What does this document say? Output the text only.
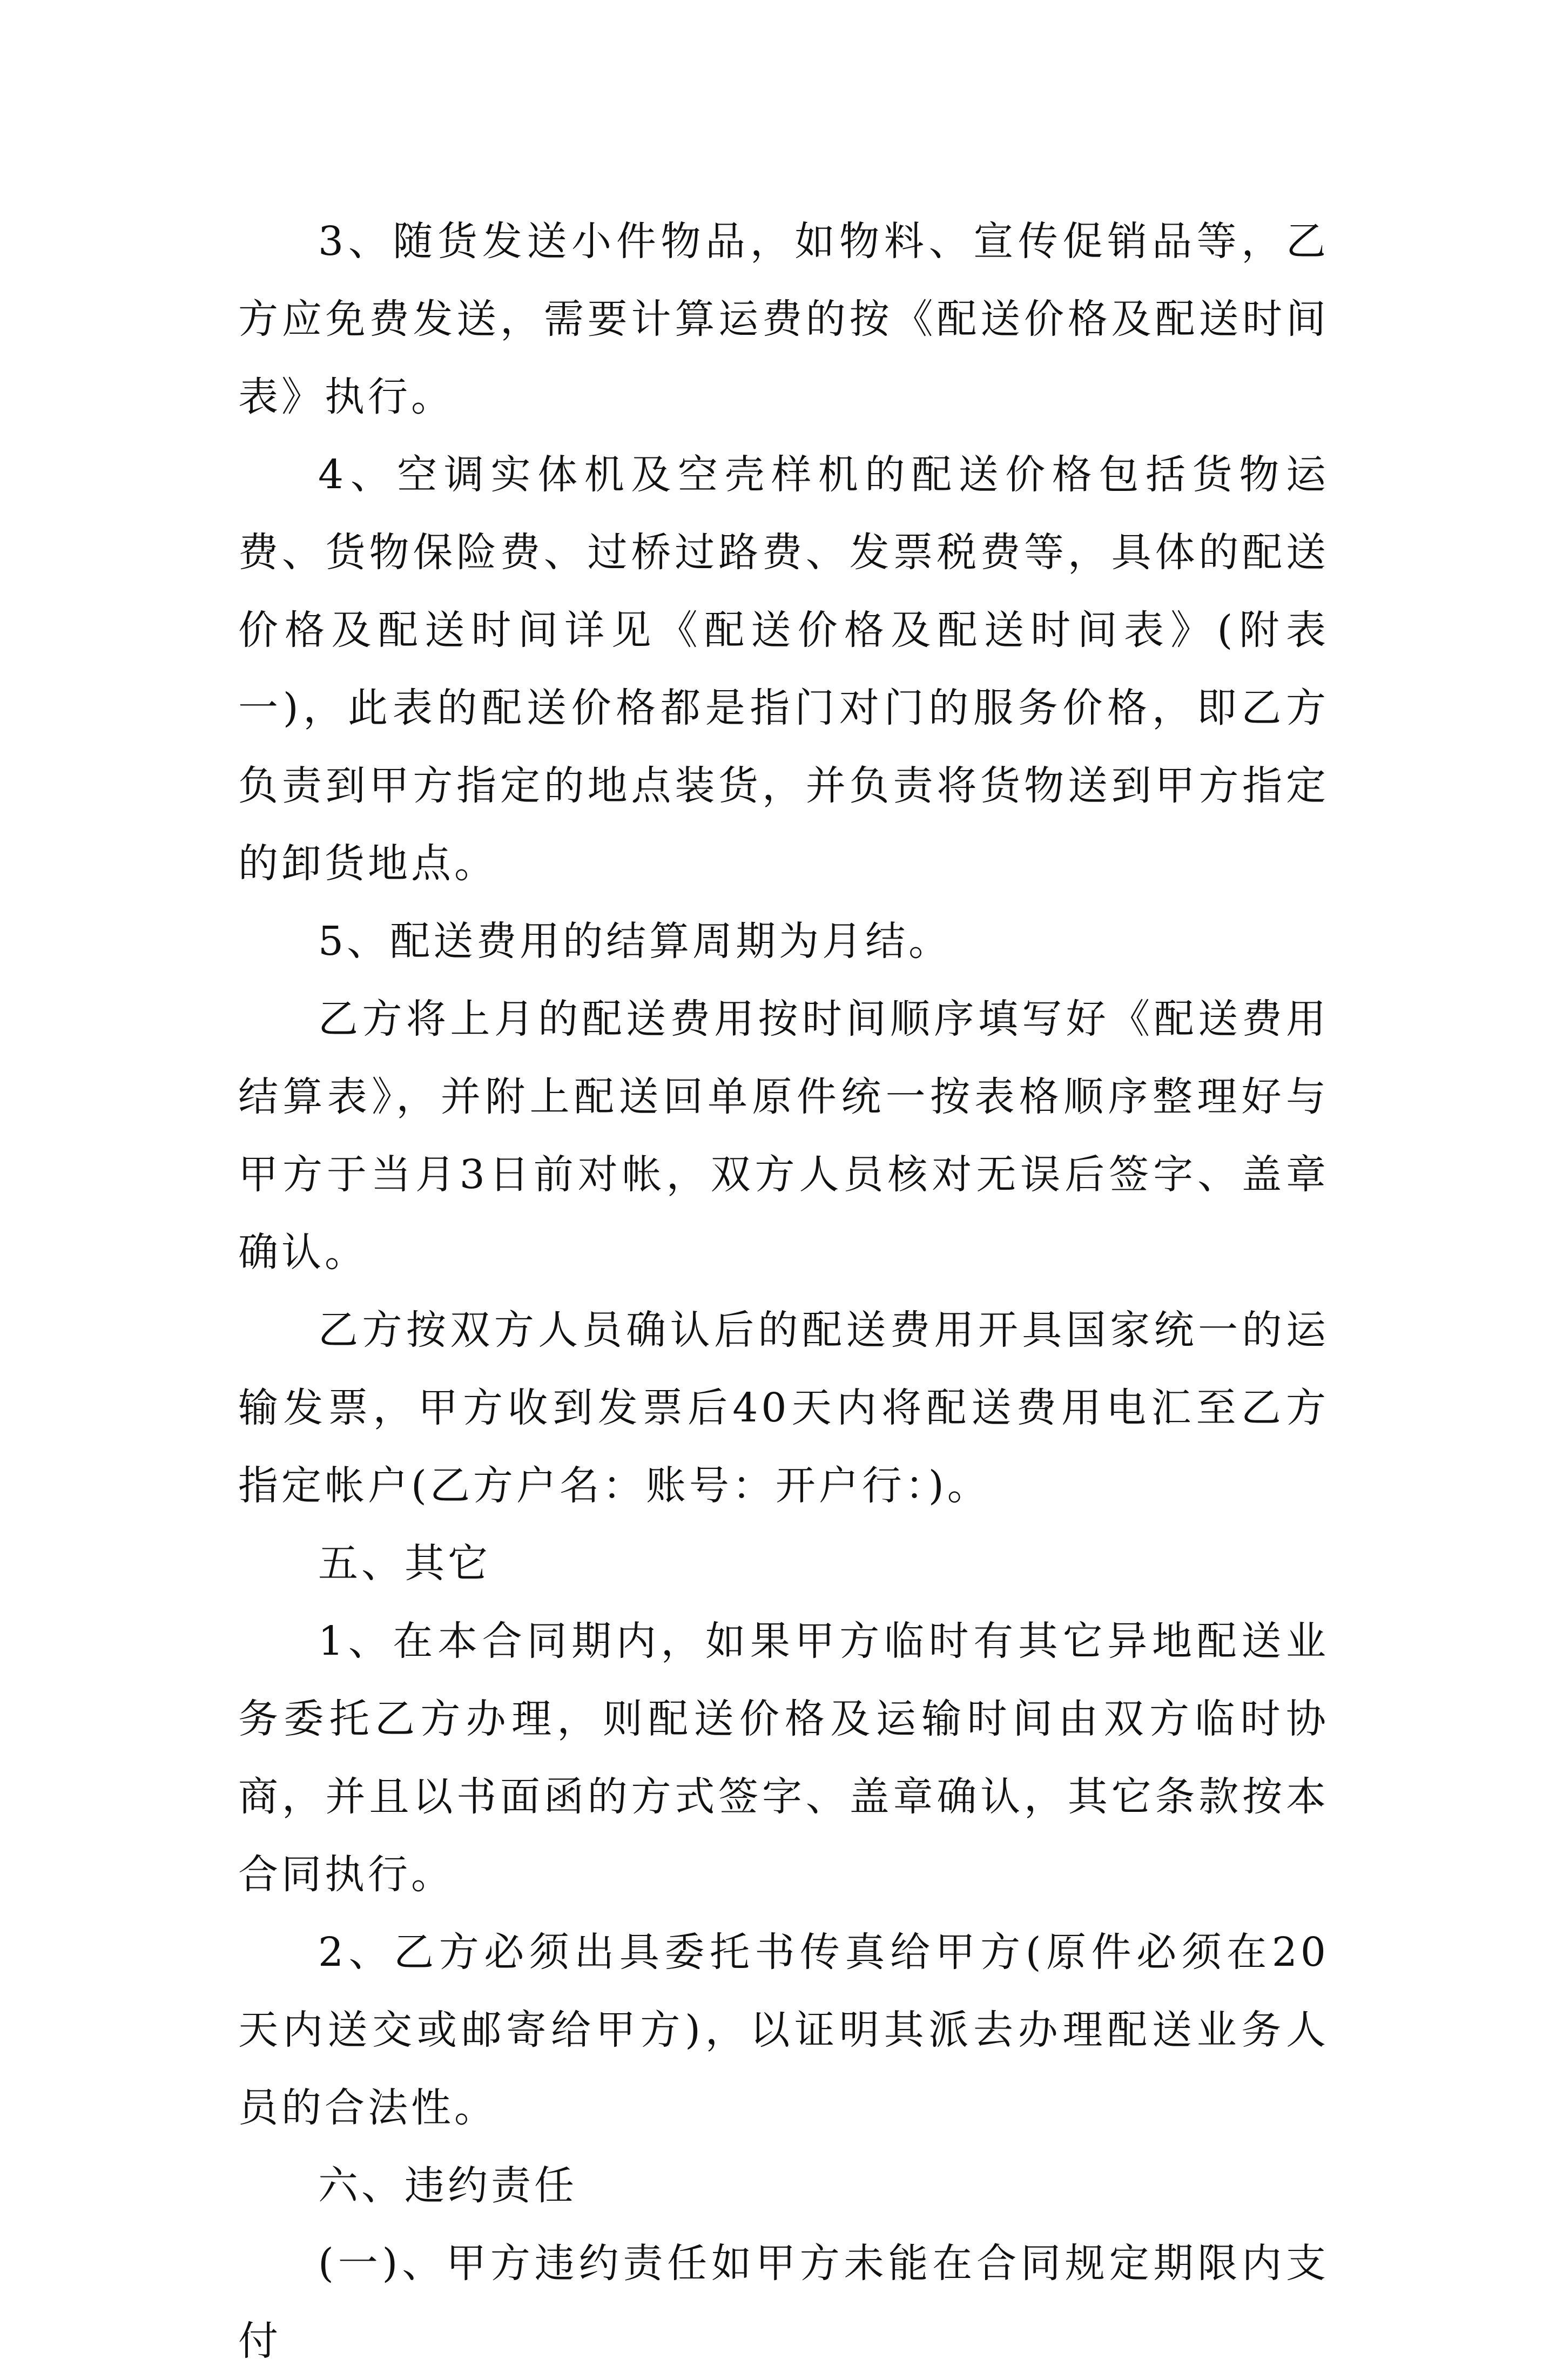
3、随货发送小件物品，如物料、宣传促销品等，乙方应免费发送，需要计算运费的按《配送价格及配送时间表》执行。

4、空调实体机及空壳样机的配送价格包括货物运费、货物保险费、过桥过路费、发票税费等，具体的配送价格及配送时间详见《配送价格及配送时间表》(附表一)，此表的配送价格都是指门对门的服务价格，即乙方负责到甲方指定的地点装货，并负责将货物送到甲方指定的卸货地点。

5、配送费用的结算周期为月结。

乙方将上月的配送费用按时间顺序填写好《配送费用结算表》，并附上配送回单原件统一按表格顺序整理好与甲方于当月3日前对帐，双方人员核对无误后签字、盖章确认。

乙方按双方人员确认后的配送费用开具国家统一的运输发票，甲方收到发票后40天内将配送费用电汇至乙方指定帐户(乙方户名：账号：开户行：)。

五、其它

1、在本合同期内，如果甲方临时有其它异地配送业务委托乙方办理，则配送价格及运输时间由双方临时协商，并且以书面函的方式签字、盖章确认，其它条款按本合同执行。

2、乙方必须出具委托书传真给甲方(原件必须在20天内送交或邮寄给甲方)，以证明其派去办理配送业务人员的合法性。

六、违约责任

(一)、甲方违约责任如甲方未能在合同规定期限内支付
